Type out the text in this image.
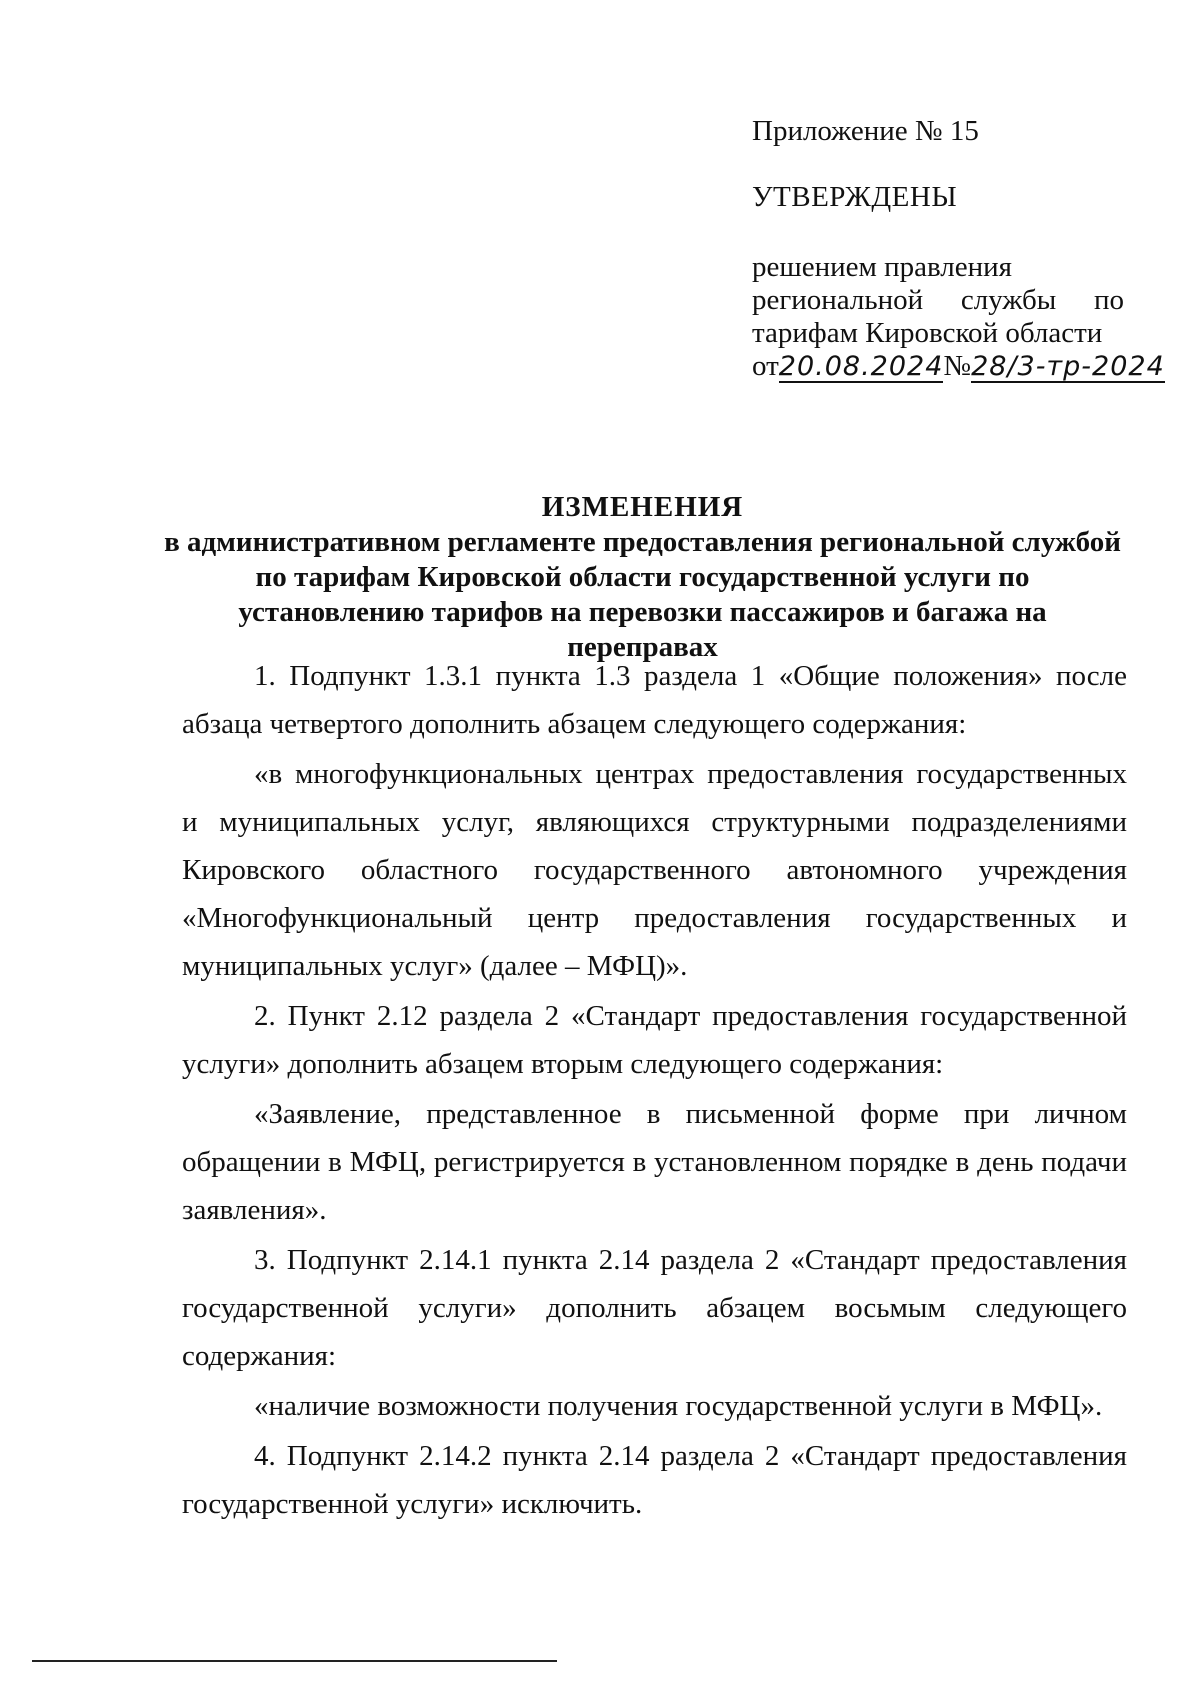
Приложение № 15

УТВЕРЖДЕНЫ

решением правления
региональной службы по
тарифам Кировской области
от 20.08.2024 № 28/3-тр-2024
ИЗМЕНЕНИЯ
в административном регламенте предоставления региональной службой
по тарифам Кировской области государственной услуги по
установлению тарифов на перевозки пассажиров и багажа на переправах

1. Подпункт 1.3.1 пункта 1.3 раздела 1 «Общие положения» после абзаца четвертого дополнить абзацем следующего содержания:

«в многофункциональных центрах предоставления государственных и муниципальных услуг, являющихся структурными подразделениями Кировского областного государственного автономного учреждения «Многофункциональный центр предоставления государственных и муниципальных услуг» (далее – МФЦ)».

2. Пункт 2.12 раздела 2 «Стандарт предоставления государственной услуги» дополнить абзацем вторым следующего содержания:

«Заявление, представленное в письменной форме при личном обращении в МФЦ, регистрируется в установленном порядке в день подачи заявления».

3. Подпункт 2.14.1 пункта 2.14 раздела 2 «Стандарт предоставления государственной услуги» дополнить абзацем восьмым следующего содержания:

«наличие возможности получения государственной услуги в МФЦ».

4. Подпункт 2.14.2 пункта 2.14 раздела 2 «Стандарт предоставления государственной услуги» исключить.
